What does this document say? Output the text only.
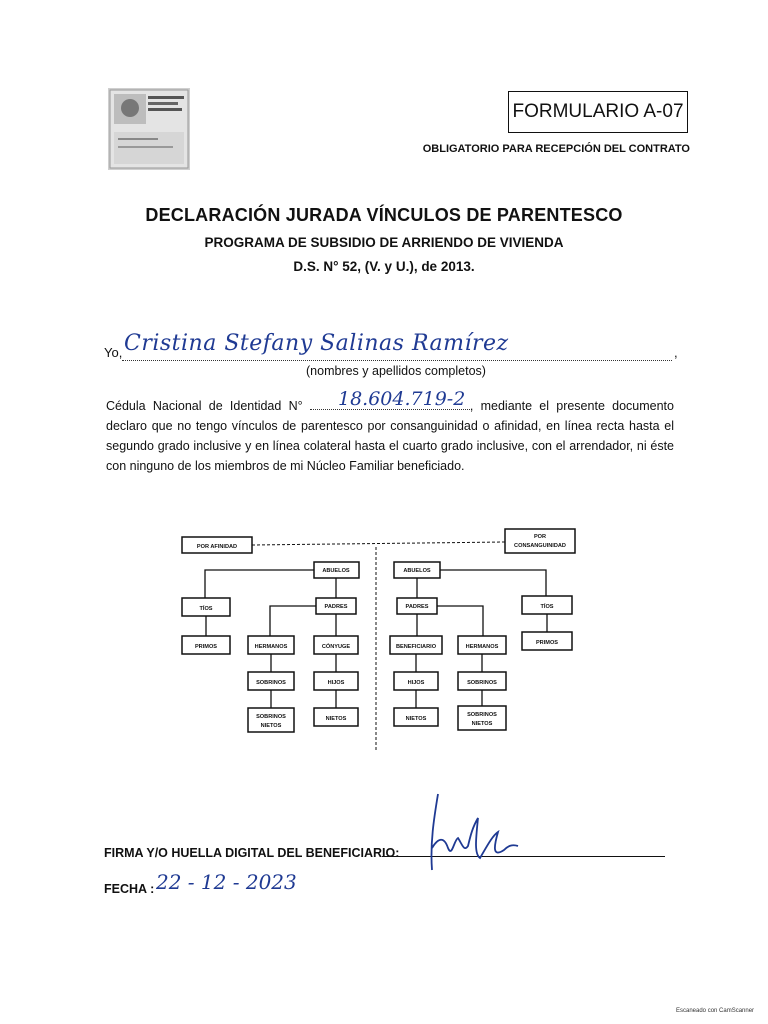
FORMULARIO A-07
OBLIGATORIO PARA RECEPCIÓN DEL CONTRATO
DECLARACIÓN JURADA VÍNCULOS DE PARENTESCO
PROGRAMA DE SUBSIDIO DE ARRIENDO DE VIVIENDA
D.S. N° 52, (V. y U.), de 2013.
Yo, Cristina Stefany Salinas Ramírez	,
(nombres y apellidos completos)
Cédula Nacional de Identidad N°	, mediante el presente documento declaro que no tengo vínculos de parentesco por consanguinidad o afinidad, en línea recta hasta el segundo grado inclusive y en línea colateral hasta el cuarto grado inclusive, con el arrendador, ni éste con ninguno de los miembros de mi Núcleo Familiar beneficiado.
18.604.719-2
POR AFINIDAD
POR
CONSANGUINIDAD
ABUELOS
TÍOS
PRIMOS
PADRES
HERMANOS	CÓNYUGE
SOBRINOS	HIJOS
SOBRINOS
NIETOS
NIETOS
ABUELOS
TÍOS
PRIMOS
PADRES
BENEFICIARIO	HERMANOS
HIJOS	SOBRINOS
NIETOS
SOBRINOS
NIETOS
FIRMA Y/O HUELLA DIGITAL DEL BENEFICIARIO:
FECHA : 22 - 12 - 2023
Escaneado con CamScanner
